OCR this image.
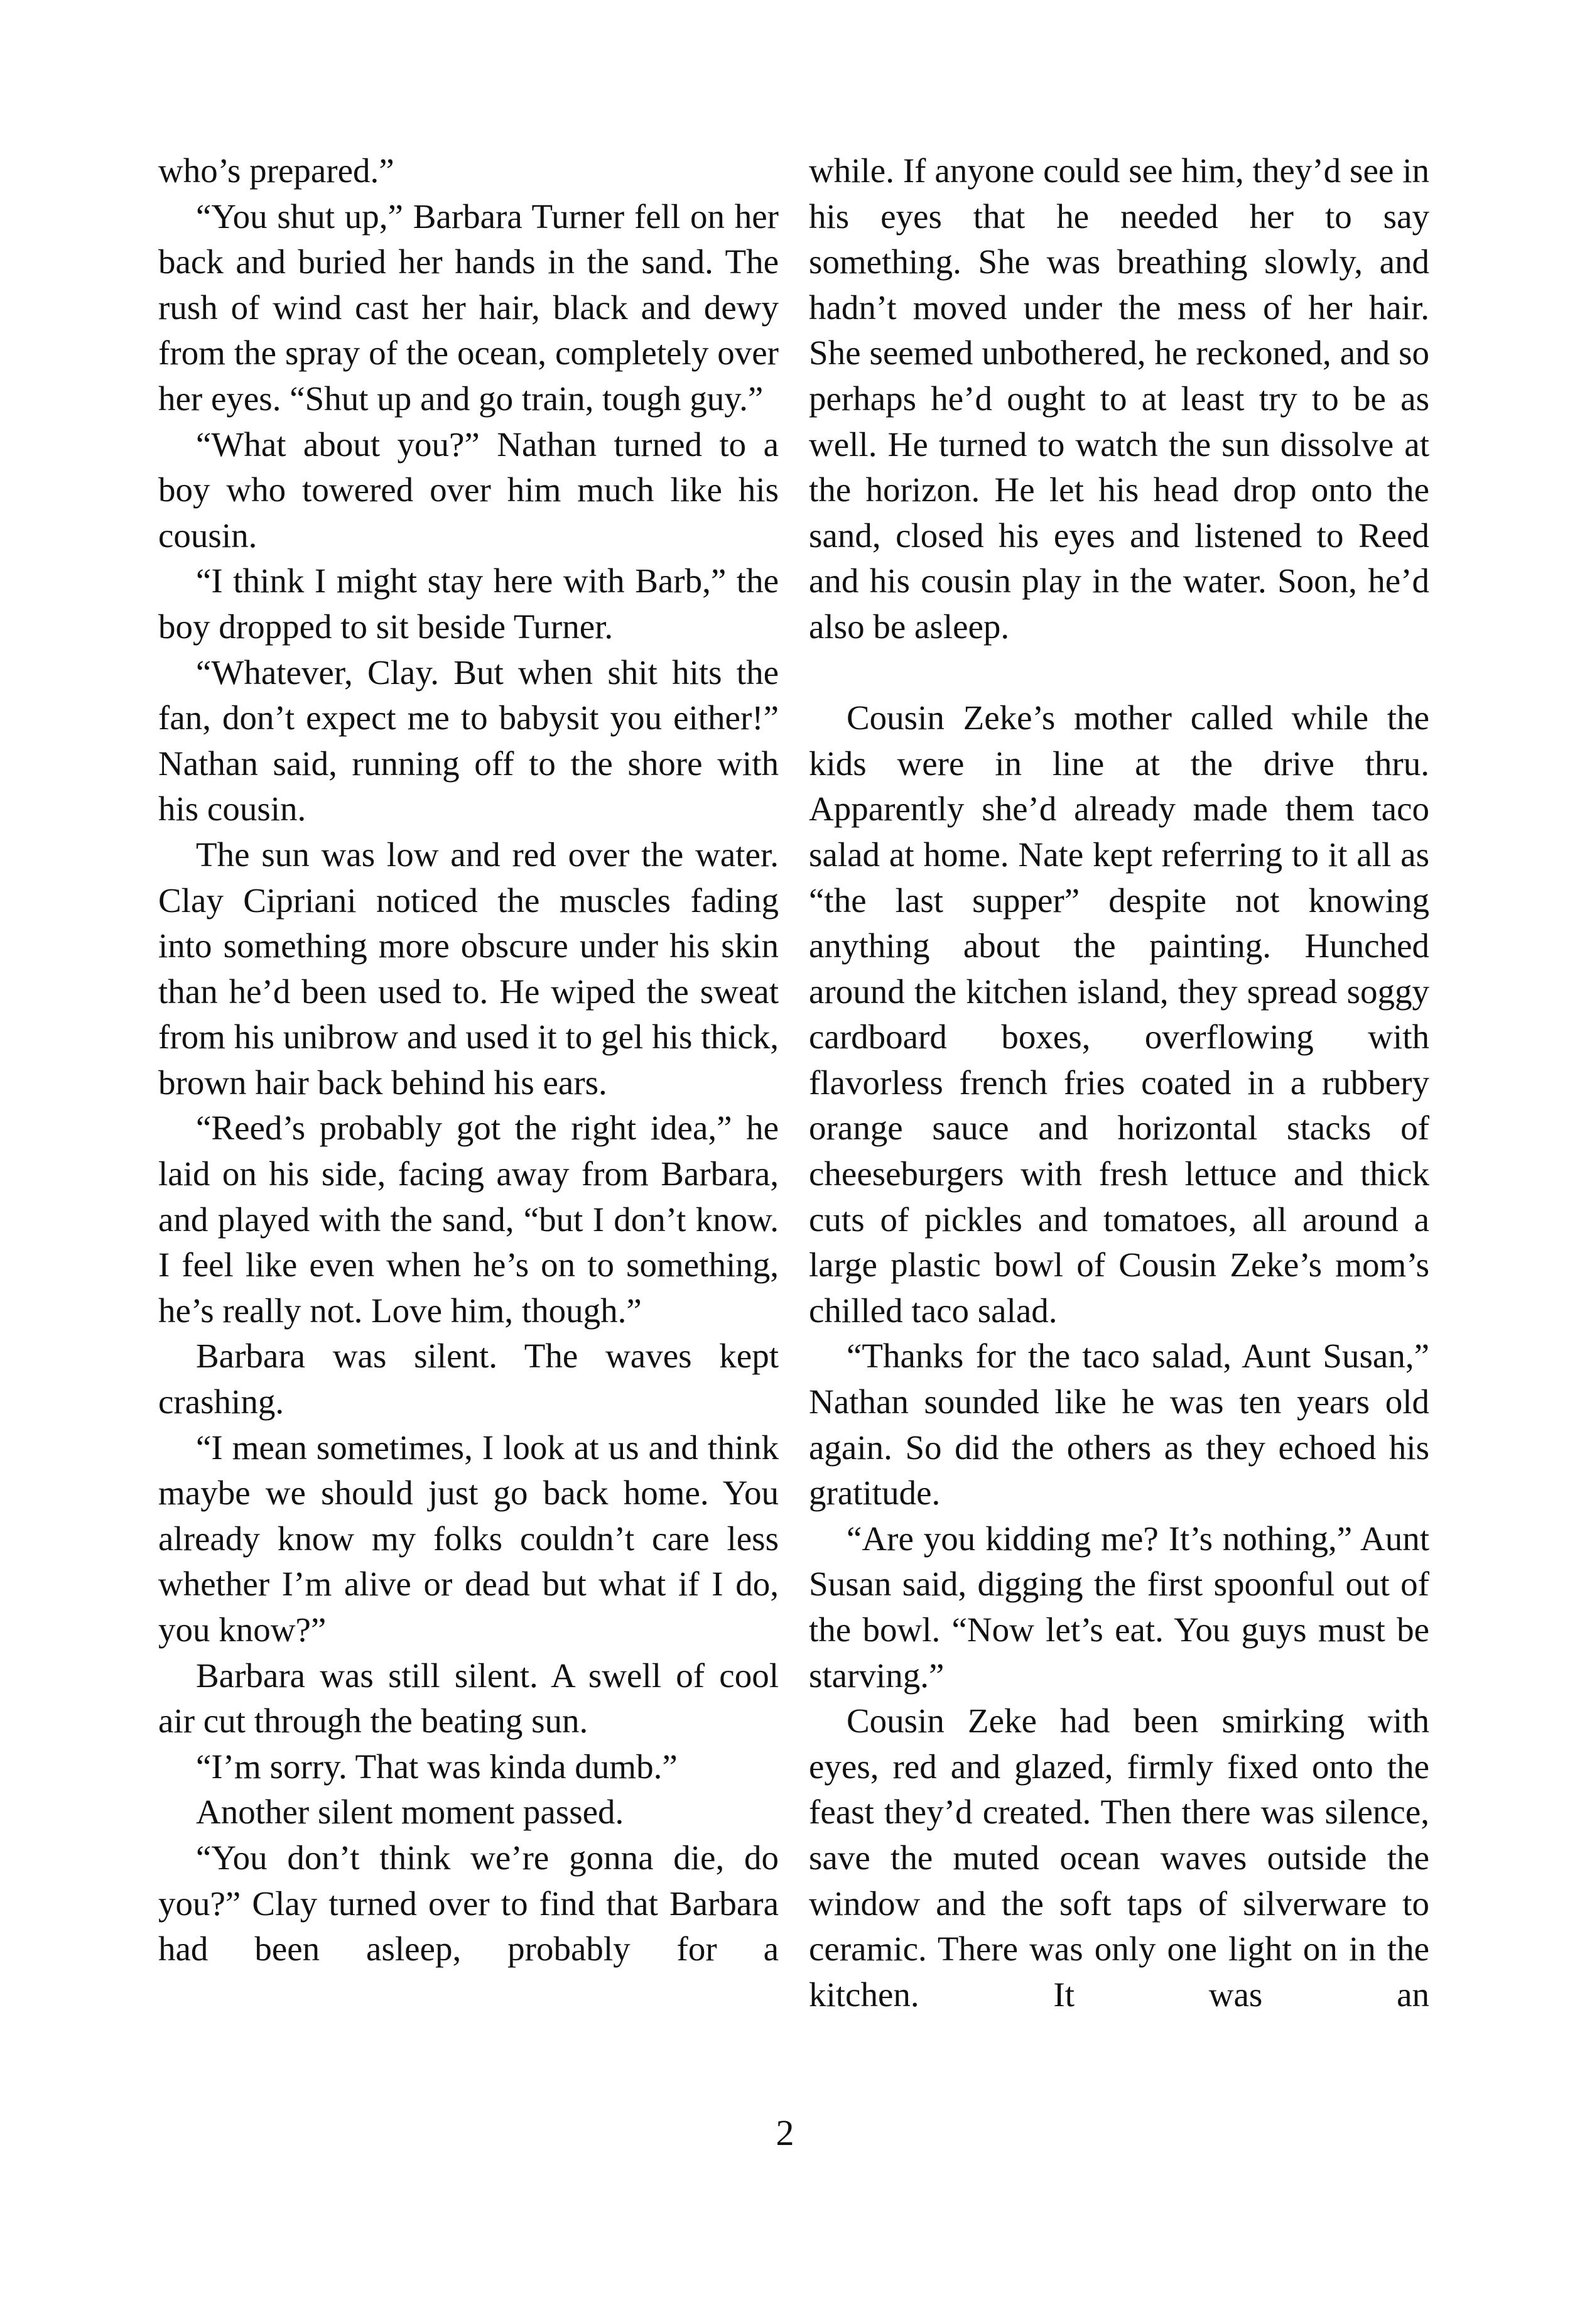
who’s prepared.”

“You shut up,” Barbara Turner fell on her back and buried her hands in the sand. The rush of wind cast her hair, black and dewy from the spray of the ocean, completely over her eyes. “Shut up and go train, tough guy.”

“What about you?” Nathan turned to a boy who towered over him much like his cousin.

“I think I might stay here with Barb,” the boy dropped to sit beside Turner.

“Whatever, Clay. But when shit hits the fan, don’t expect me to babysit you either!” Nathan said, running off to the shore with his cousin.

The sun was low and red over the water. Clay Cipriani noticed the muscles fading into something more obscure under his skin than he’d been used to. He wiped the sweat from his unibrow and used it to gel his thick, brown hair back behind his ears.

“Reed’s probably got the right idea,” he laid on his side, facing away from Barbara, and played with the sand, “but I don’t know. I feel like even when he’s on to something, he’s really not. Love him, though.”

Barbara was silent. The waves kept crashing.

“I mean sometimes, I look at us and think maybe we should just go back home. You already know my folks couldn’t care less whether I’m alive or dead but what if I do, you know?”

Barbara was still silent. A swell of cool air cut through the beating sun.

“I’m sorry. That was kinda dumb.”

Another silent moment passed.

“You don’t think we’re gonna die, do you?” Clay turned over to find that Barbara had been asleep, probably for a

while. If anyone could see him, they’d see in his eyes that he needed her to say something. She was breathing slowly, and hadn’t moved under the mess of her hair. She seemed unbothered, he reckoned, and so perhaps he’d ought to at least try to be as well. He turned to watch the sun dissolve at the horizon. He let his head drop onto the sand, closed his eyes and listened to Reed and his cousin play in the water. Soon, he’d also be asleep.

Cousin Zeke’s mother called while the kids were in line at the drive thru. Apparently she’d already made them taco salad at home. Nate kept referring to it all as “the last supper” despite not knowing anything about the painting. Hunched around the kitchen island, they spread soggy cardboard boxes, overflowing with flavorless french fries coated in a rubbery orange sauce and horizontal stacks of cheeseburgers with fresh lettuce and thick cuts of pickles and tomatoes, all around a large plastic bowl of Cousin Zeke’s mom’s chilled taco salad.

“Thanks for the taco salad, Aunt Susan,” Nathan sounded like he was ten years old again. So did the others as they echoed his gratitude.

“Are you kidding me? It’s nothing,” Aunt Susan said, digging the first spoonful out of the bowl. “Now let’s eat. You guys must be starving.”

Cousin Zeke had been smirking with eyes, red and glazed, firmly fixed onto the feast they’d created. Then there was silence, save the muted ocean waves outside the window and the soft taps of silverware to ceramic. There was only one light on in the kitchen. It was an

2
